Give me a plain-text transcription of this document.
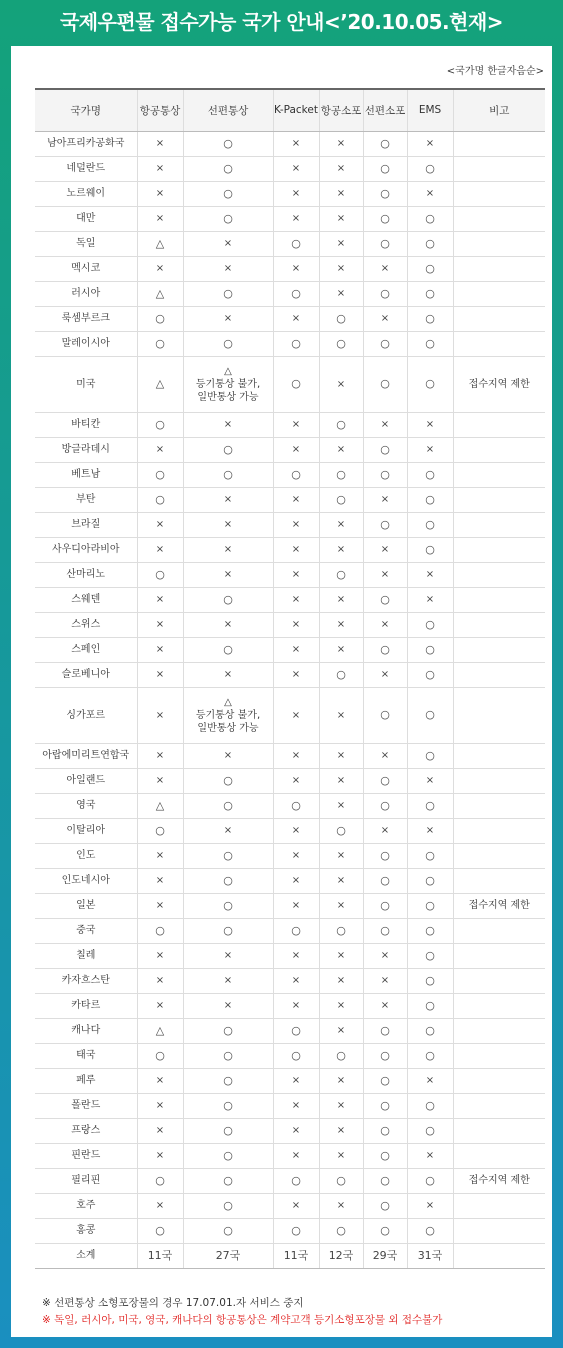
국제우편물 접수가능 국가 안내<’20.10.05.현재>
<국가명 한글자음순>
국가명	항공통상	선편통상	K-Packet	항공소포	선편소포	EMS	비고
남아프리카공화국	×	○	×	×	○	×	
네덜란드	×	○	×	×	○	○	
노르웨이	×	○	×	×	○	×	
대만	×	○	×	×	○	○	
독일	△	×	○	×	○	○	
멕시코	×	×	×	×	×	○	
러시아	△	○	○	×	○	○	
룩셈부르크	○	×	×	○	×	○	
말레이시아	○	○	○	○	○	○	
미국	△	△
등기통상 불가,
일반통상 가능	○	×	○	○	접수지역 제한
바티칸	○	×	×	○	×	×	
방글라데시	×	○	×	×	○	×	
베트남	○	○	○	○	○	○	
부탄	○	×	×	○	×	○	
브라질	×	×	×	×	○	○	
사우디아라비아	×	×	×	×	×	○	
산마리노	○	×	×	○	×	×	
스웨덴	×	○	×	×	○	×	
스위스	×	×	×	×	×	○	
스페인	×	○	×	×	○	○	
슬로베니아	×	×	×	○	×	○	
싱가포르	×	△
등기통상 불가,
일반통상 가능	×	×	○	○	
아랍에미리트연합국	×	×	×	×	×	○	
아일랜드	×	○	×	×	○	×	
영국	△	○	○	×	○	○	
이탈리아	○	×	×	○	×	×	
인도	×	○	×	×	○	○	
인도네시아	×	○	×	×	○	○	
일본	×	○	×	×	○	○	접수지역 제한
중국	○	○	○	○	○	○	
칠레	×	×	×	×	×	○	
카자흐스탄	×	×	×	×	×	○	
카타르	×	×	×	×	×	○	
캐나다	△	○	○	×	○	○	
태국	○	○	○	○	○	○	
페루	×	○	×	×	○	×	
폴란드	×	○	×	×	○	○	
프랑스	×	○	×	×	○	○	
핀란드	×	○	×	×	○	×	
필리핀	○	○	○	○	○	○	접수지역 제한
호주	×	○	×	×	○	×	
홍콩	○	○	○	○	○	○	
소계	11국	27국	11국	12국	29국	31국	
※ 선편통상 소형포장물의 경우 17.07.01.자 서비스 중지
※ 독일, 러시아, 미국, 영국, 캐나다의 항공통상은 계약고객 등기소형포장물 외 접수불가
